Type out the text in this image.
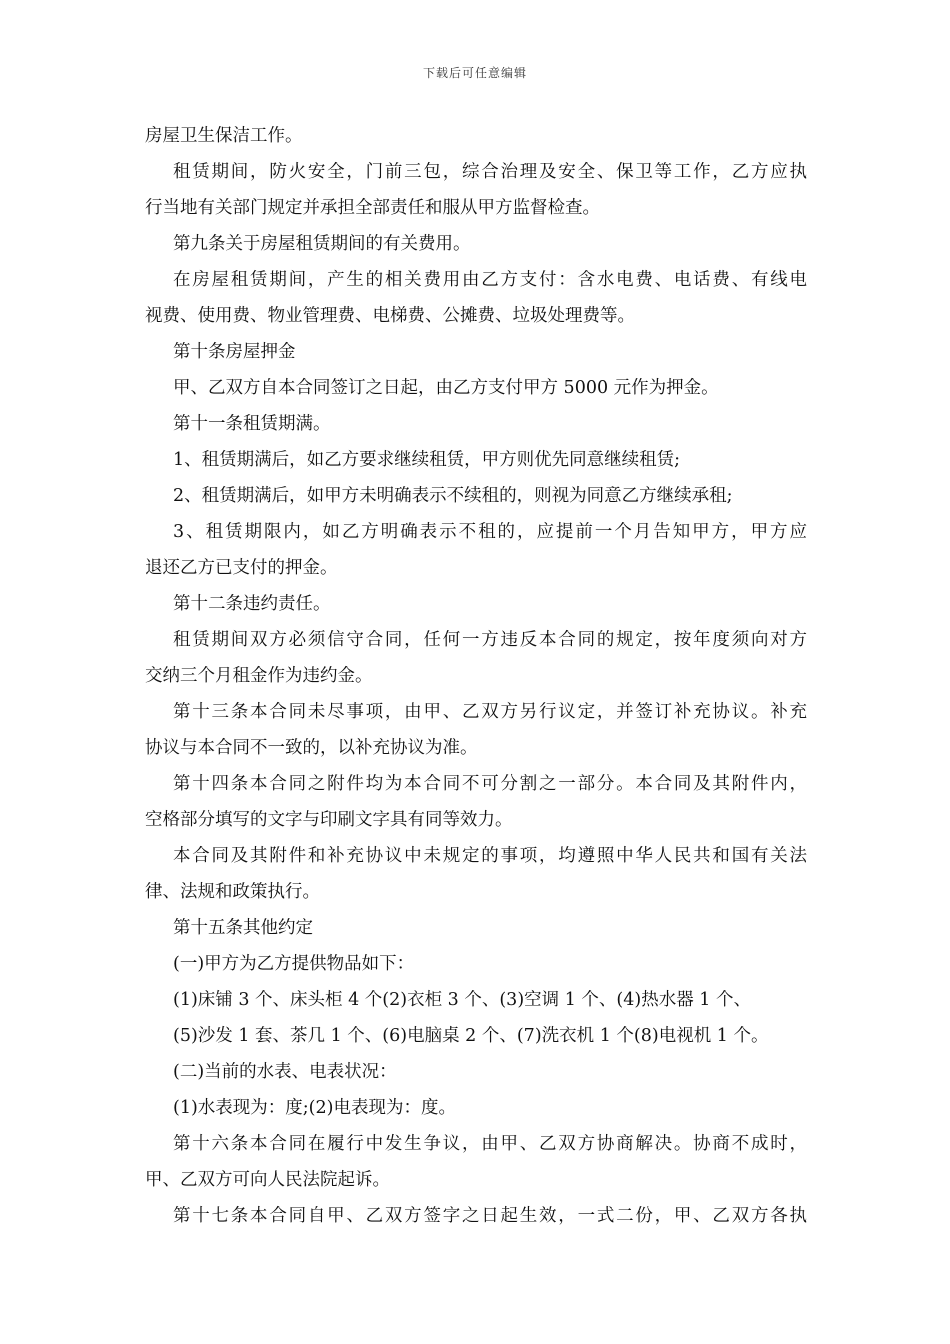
下载后可任意编辑
房屋卫生保洁工作。
租赁期间，防火安全，门前三包，综合治理及安全、保卫等工作，乙方应执
行当地有关部门规定并承担全部责任和服从甲方监督检查。
第九条关于房屋租赁期间的有关费用。
在房屋租赁期间，产生的相关费用由乙方支付：含水电费、电话费、有线电
视费、使用费、物业管理费、电梯费、公摊费、垃圾处理费等。
第十条房屋押金
甲、乙双方自本合同签订之日起，由乙方支付甲方 5000 元作为押金。
第十一条租赁期满。
1、租赁期满后，如乙方要求继续租赁，甲方则优先同意继续租赁;
2、租赁期满后，如甲方未明确表示不续租的，则视为同意乙方继续承租;
3、租赁期限内，如乙方明确表示不租的，应提前一个月告知甲方，甲方应
退还乙方已支付的押金。
第十二条违约责任。
租赁期间双方必须信守合同，任何一方违反本合同的规定，按年度须向对方
交纳三个月租金作为违约金。
第十三条本合同未尽事项，由甲、乙双方另行议定，并签订补充协议。补充
协议与本合同不一致的，以补充协议为准。
第十四条本合同之附件均为本合同不可分割之一部分。本合同及其附件内，
空格部分填写的文字与印刷文字具有同等效力。
本合同及其附件和补充协议中未规定的事项，均遵照中华人民共和国有关法
律、法规和政策执行。
第十五条其他约定
(一)甲方为乙方提供物品如下：
(1)床铺 3 个、床头柜 4 个(2)衣柜 3 个、(3)空调 1 个、(4)热水器 1 个、
(5)沙发 1 套、茶几 1 个、(6)电脑桌 2 个、(7)洗衣机 1 个(8)电视机 1 个。
(二)当前的水表、电表状况：
(1)水表现为：度;(2)电表现为：度。
第十六条本合同在履行中发生争议，由甲、乙双方协商解决。协商不成时，
甲、乙双方可向人民法院起诉。
第十七条本合同自甲、乙双方签字之日起生效，一式二份，甲、乙双方各执
